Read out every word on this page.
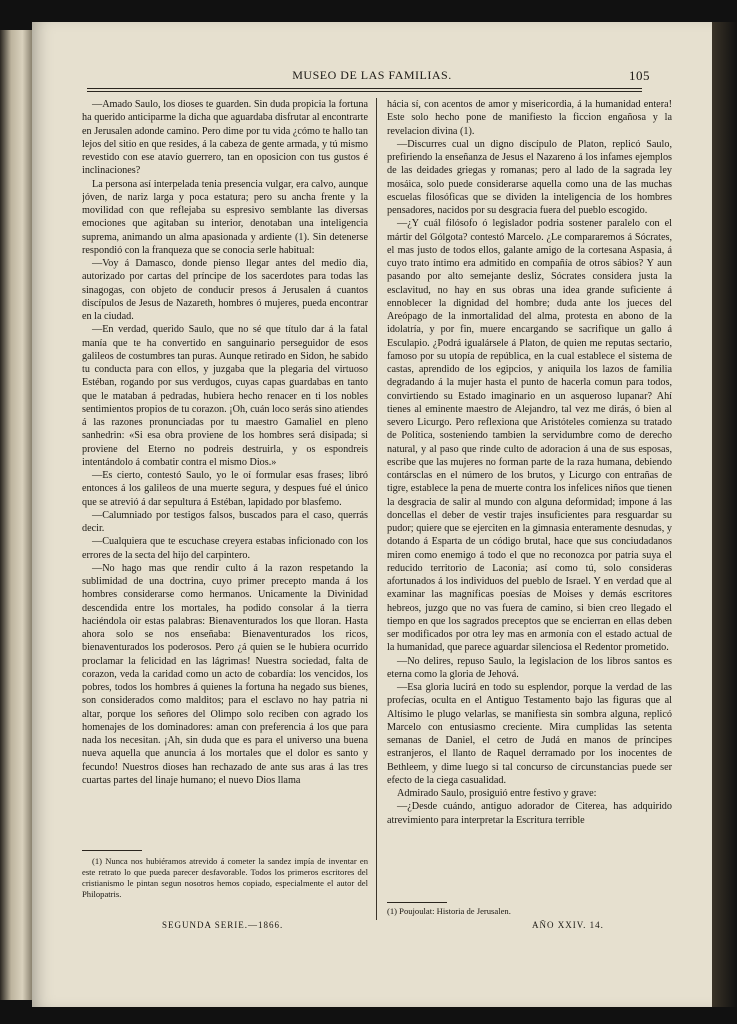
MUSEO DE LAS FAMILIAS.	105

—Amado Saulo, los dioses te guarden. Sin duda propicia la fortuna ha querido anticiparme la dicha que aguardaba disfrutar al encontrarte en Jerusalen adonde camino. Pero dime por tu vida ¿cómo te hallo tan lejos del sitio en que resides, á la cabeza de gente armada, y tú mismo revestido con ese atavío guerrero, tan en oposicion con tus gustos é inclinaciones?

La persona así interpelada tenia presencia vulgar, era calvo, aunque jóven, de nariz larga y poca estatura; pero su ancha frente y la movilidad con que reflejaba su espresivo semblante las diversas emociones que agitaban su interior, denotaban una inteligencia suprema, animando un alma apasionada y ardiente (1). Sin detenerse respondió con la franqueza que se conocia serle habitual:

—Voy á Damasco, donde pienso llegar antes del medio dia, autorizado por cartas del príncipe de los sacerdotes para todas las sinagogas, con objeto de conducir presos á Jerusalen á cuantos discípulos de Jesus de Nazareth, hombres ó mujeres, pueda encontrar en la ciudad.

—En verdad, querido Saulo, que no sé que título dar á la fatal manía que te ha convertido en sanguinario perseguidor de esos galileos de costumbres tan puras. Aunque retirado en Sidon, he sabido tu conducta para con ellos, y juzgaba que la plegaria del virtuoso Estéban, rogando por sus verdugos, cuyas capas guardabas en tanto que le mataban á pedradas, hubiera hecho renacer en ti los nobles sentimientos propios de tu corazon. ¡Oh, cuán loco serás sino atiendes á las razones pronunciadas por tu maestro Gamaliel en pleno sanhedrin: «Si esa obra proviene de los hombres será disipada; si proviene del Eterno no podreis destruirla, y os espondreis intentándolo á combatir contra el mismo Dios.»

—Es cierto, contestó Saulo, yo le oí formular esas frases; libró entonces á los galileos de una muerte segura, y despues fué el único que se atrevió á dar sepultura á Estéban, lapidado por blasfemo.

—Calumniado por testigos falsos, buscados para el caso, querrás decir.

—Cualquiera que te escuchase creyera estabas inficionado con los errores de la secta del hijo del carpintero.

—No hago mas que rendir culto á la razon respetando la sublimidad de una doctrina, cuyo primer precepto manda á los hombres considerarse como hermanos. Unicamente la Divinidad descendida entre los mortales, ha podido consolar á la tierra haciéndola oir estas palabras: Bienaventurados los que lloran. Hasta ahora solo se nos enseñaba: Bienaventurados los ricos, bienaventurados los poderosos. Pero ¿á quien se le hubiera ocurrido proclamar la felicidad en las lágrimas! Nuestra sociedad, falta de corazon, veda la caridad como un acto de cobardía: los vencidos, los pobres, todos los hombres á quienes la fortuna ha negado sus bienes, son considerados como malditos; para el esclavo no hay patria ni altar, porque los señores del Olimpo solo reciben con agrado los homenajes de los dominadores: aman con preferencia á los que para nada los necesitan. ¡Ah, sin duda que es para el universo una buena nueva aquella que anuncia á los mortales que el dolor es santo y fecundo! Nuestros dioses han rechazado de ante sus aras á las tres cuartas partes del linaje humano; el nuevo Dios llama

hácia sí, con acentos de amor y misericordia, á la humanidad entera! Este solo hecho pone de manifiesto la ficcion engañosa y la revelacion divina (1).

—Discurres cual un digno discípulo de Platon, replicó Saulo, prefiriendo la enseñanza de Jesus el Nazareno á los infames ejemplos de las deidades griegas y romanas; pero al lado de la sagrada ley mosáica, solo puede considerarse aquella como una de las muchas escuelas filosóficas que se dividen la inteligencia de los hombres pensadores, nacidos por su desgracia fuera del pueblo escogido.

—¿Y cuál filósofo ó legislador podria sostener paralelo con el mártir del Gólgota? contestó Marcelo. ¿Le compararemos á Sócrates, el mas justo de todos ellos, galante amigo de la cortesana Aspasia, á cuyo trato íntimo era admitido en compañía de otros sábios? Y aun pasando por alto semejante desliz, Sócrates considera justa la esclavitud, no hay en sus obras una idea grande suficiente á ennoblecer la dignidad del hombre; duda ante los jueces del Areópago de la inmortalidad del alma, protesta en abono de la idolatría, y por fin, muere encargando se sacrifique un gallo á Esculapio. ¿Podrá igualársele á Platon, de quien me reputas sectario, famoso por su utopía de república, en la cual establece el sistema de castas, aprendido de los egipcios, y aniquila los lazos de familia degradando á la mujer hasta el punto de hacerla comun para todos, convirtiendo su Estado imaginario en un asqueroso lupanar? Ahí tienes al eminente maestro de Alejandro, tal vez me dirás, ó bien al severo Licurgo. Pero reflexiona que Aristóteles comienza su tratado de Política, sosteniendo tambien la servidumbre como de derecho natural, y al paso que rinde culto de adoracion á una de sus esposas, escribe que las mujeres no forman parte de la raza humana, debiendo contársclas en el número de los brutos, y Licurgo con entrañas de tigre, establece la pena de muerte contra los infelices niños que tienen la desgracia de salir al mundo con alguna deformidad; impone á las doncellas el deber de vestir trajes insuficientes para resguardar su pudor; quiere que se ejerciten en la gimnasia enteramente desnudas, y dotando á Esparta de un código brutal, hace que sus conciudadanos miren como enemigo á todo el que no reconozca por patria suya el reducido territorio de Laconia; así como tú, solo consideras afortunados á los individuos del pueblo de Israel. Y en verdad que al examinar las magníficas poesías de Moises y demás escritores hebreos, juzgo que no vas fuera de camino, si bien creo llegado el tiempo en que los sagrados preceptos que se encierran en ellas deben ser modificados por otra ley mas en armonía con el estado actual de la humanidad, que parece aguardar silenciosa el Redentor prometido.

—No delires, repuso Saulo, la legislacion de los libros santos es eterna como la gloria de Jehová.

—Esa gloria lucirá en todo su esplendor, porque la verdad de las profecías, oculta en el Antiguo Testamento bajo las figuras que al Altísimo le plugo velarlas, se manifiesta sin sombra alguna, replicó Marcelo con entusiasmo creciente. Mira cumplidas las setenta semanas de Daniel, el cetro de Judá en manos de príncipes estranjeros, el llanto de Raquel derramado por los inocentes de Bethleem, y dime luego si tal concurso de circunstancias puede ser efecto de la ciega casualidad.

Admirado Saulo, prosiguió entre festivo y grave:

—¿Desde cuándo, antiguo adorador de Citerea, has adquirido atrevimiento para interpretar la Escritura terrible

(1) Nunca nos hubiéramos atrevido á cometer la sandez impía de inventar en este retrato lo que pueda parecer desfavorable. Todos los primeros escritores del cristianismo le pintan segun nosotros hemos copiado, especialmente el autor del Philopatris.

(1) Poujoulat: Historia de Jerusalen.
SEGUNDA SERIE.—1866.	AÑO XXIV. 14.
